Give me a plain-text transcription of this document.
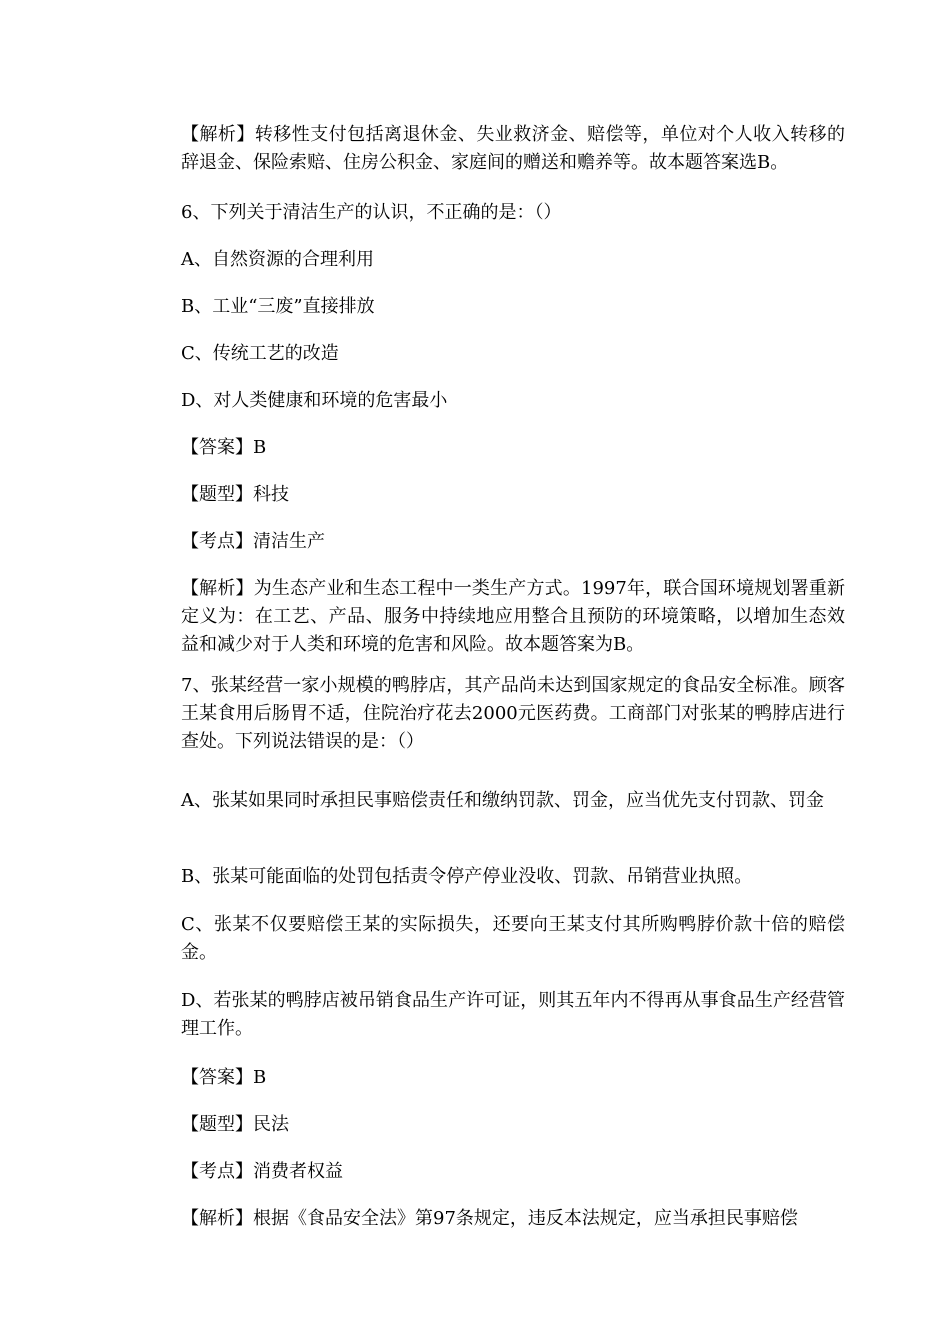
【解析】转移性支付包括离退休金、失业救济金、赔偿等，单位对个人收入转移的辞退金、保险索赔、住房公积金、家庭间的赠送和赡养等。故本题答案选B。

6、下列关于清洁生产的认识，不正确的是：（）

A、自然资源的合理利用

B、工业“三废”直接排放

C、传统工艺的改造

D、对人类健康和环境的危害最小

【答案】B

【题型】科技

【考点】清洁生产

【解析】为生态产业和生态工程中一类生产方式。1997年，联合国环境规划署重新定义为：在工艺、产品、服务中持续地应用整合且预防的环境策略，以增加生态效益和减少对于人类和环境的危害和风险。故本题答案为B。

7、张某经营一家小规模的鸭脖店，其产品尚未达到国家规定的食品安全标准。顾客王某食用后肠胃不适，住院治疗花去2000元医药费。工商部门对张某的鸭脖店进行查处。下列说法错误的是：（）

A、张某如果同时承担民事赔偿责任和缴纳罚款、罚金，应当优先支付罚款、罚金

B、张某可能面临的处罚包括责令停产停业没收、罚款、吊销营业执照。

C、张某不仅要赔偿王某的实际损失，还要向王某支付其所购鸭脖价款十倍的赔偿金。

D、若张某的鸭脖店被吊销食品生产许可证，则其五年内不得再从事食品生产经营管理工作。

【答案】B

【题型】民法

【考点】消费者权益

【解析】根据《食品安全法》第97条规定，违反本法规定，应当承担民事赔偿
